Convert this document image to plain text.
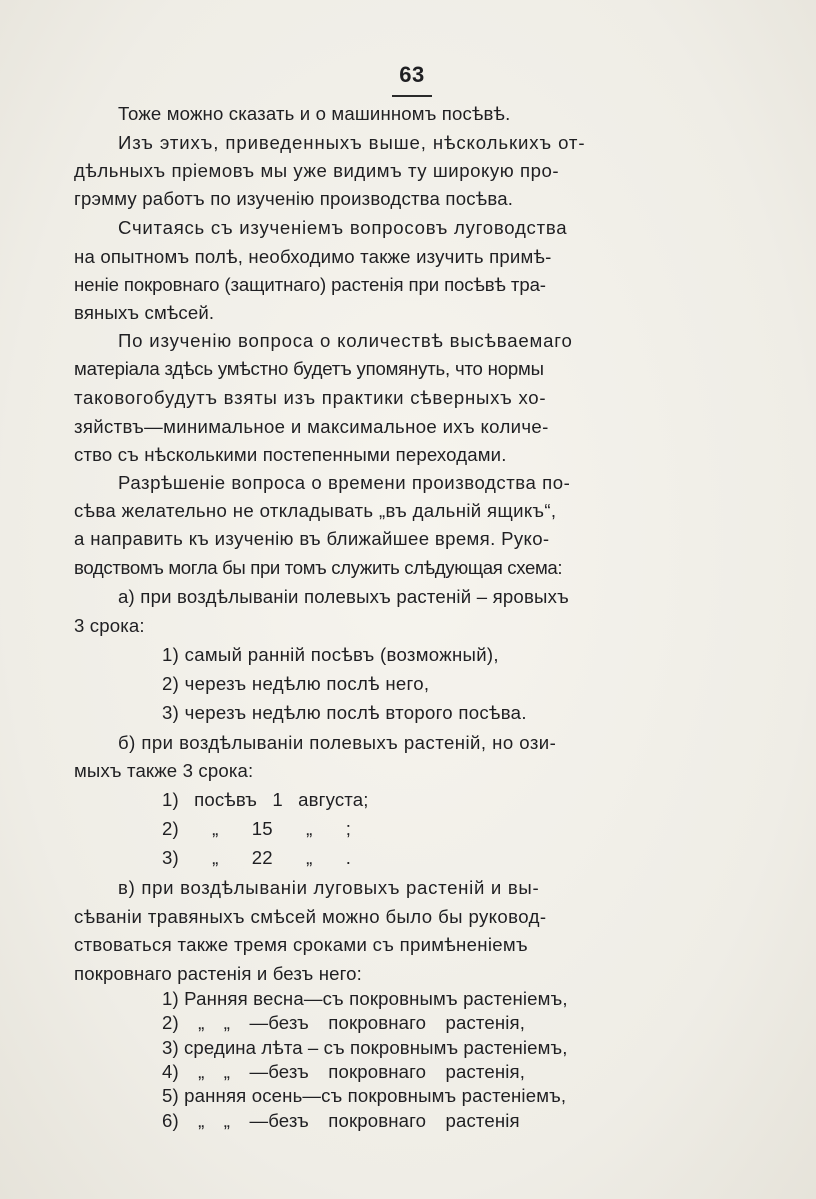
63
Тоже можно сказать и о машинномъ посѣвѣ.
Изъ этихъ, приведенныхъ выше, нѣсколькихъ от-
дѣльныхъ пріемовъ мы уже видимъ ту широкую про-
грэмму работъ по изученію производства посѣва.
Считаясь съ изученіемъ вопросовъ луговодства
на опытномъ полѣ, необходимо также изучить примѣ-
неніе покровнаго (защитнаго) растенія при посѣвѣ тра-
вяныхъ смѣсей.
По изученію вопроса о количествѣ высѣваемаго
матеріала здѣсь умѣстно будетъ упомянуть, что нормы
таковогобудутъ взяты изъ практики сѣверныхъ хо-
зяйствъ—минимальное и максимальное ихъ количе-
ство съ нѣсколькими постепенными переходами.
Разрѣшеніе вопроса о времени производства по-
сѣва желательно не откладывать „въ дальній ящикъ“,
а направить къ изученію въ ближайшее время. Руко-
водствомъ могла бы при томъ служить слѣдующая схема:
а) при воздѣлываніи полевыхъ растеній – яровыхъ
3 срока:
1) самый ранній посѣвъ (возможный),
2) черезъ недѣлю послѣ него,
3) черезъ недѣлю послѣ второго посѣва.
б) при воздѣлываніи полевыхъ растеній, но ози-
мыхъ также 3 срока:
1) посѣвъ 1 августа;
2) „ 15 „ ;
3) „ 22 „ .
в) при воздѣлываніи луговыхъ растеній и вы-
сѣваніи травяныхъ смѣсей можно было бы руковод-
ствоваться также тремя сроками съ примѣненіемъ
покровнаго растенія и безъ него:
1) Ранняя весна—съ покровнымъ растеніемъ,
2) „ „ —безъ покровнаго растенія,
3) средина лѣта – съ покровнымъ растеніемъ,
4) „ „ —безъ покровнаго растенія,
5) ранняя осень—съ покровнымъ растеніемъ,
6) „ „ —безъ покровнаго растенія
